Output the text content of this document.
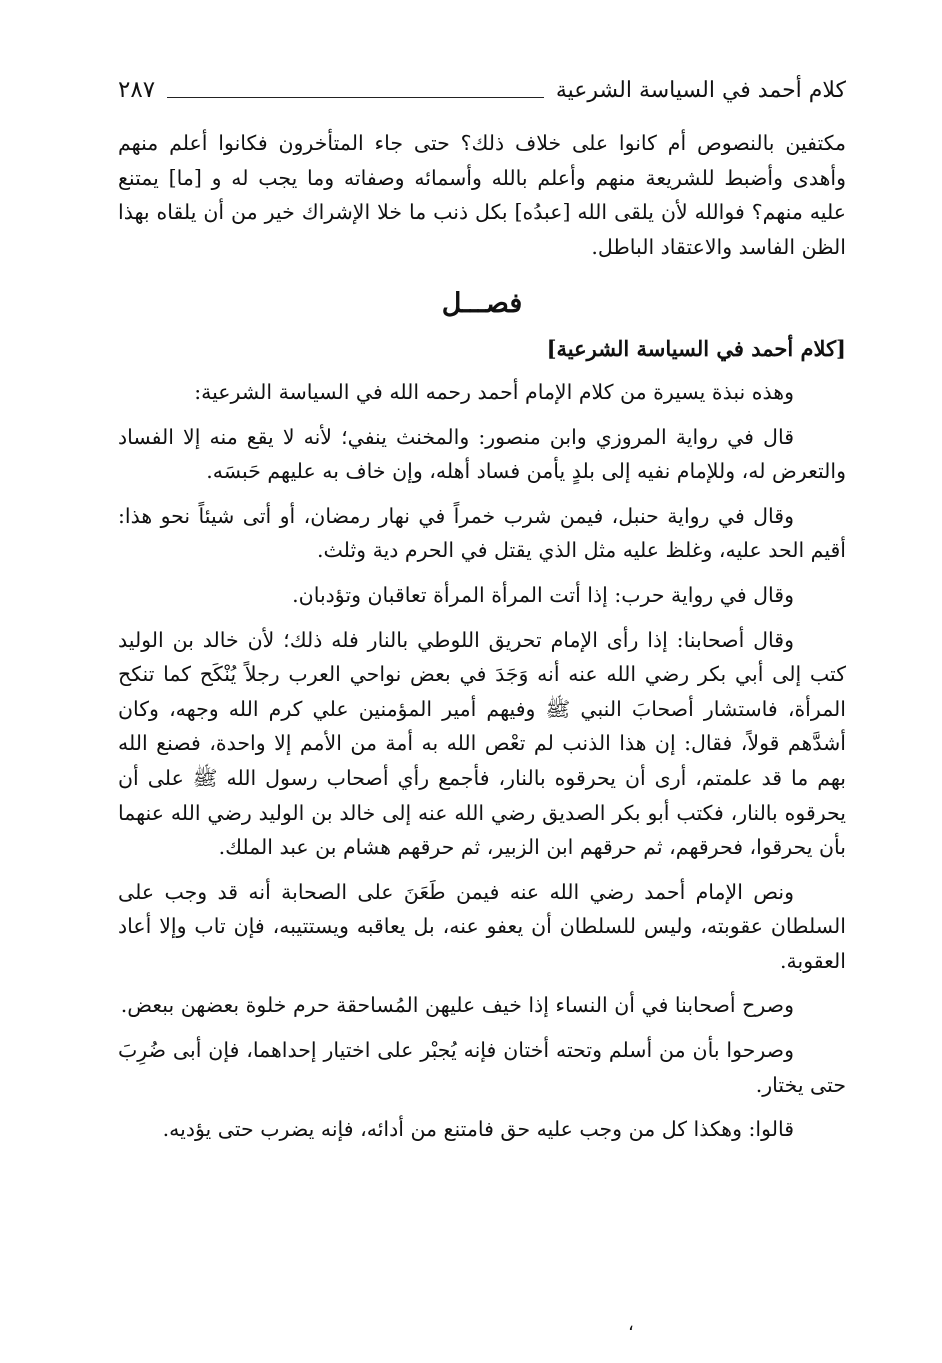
كلام أحمد في السياسة الشرعية
٢٨٧

مكتفين بالنصوص أم كانوا على خلاف ذلك؟ حتى جاء المتأخرون فكانوا أعلم منهم وأهدى وأضبط للشريعة منهم وأعلم بالله وأسمائه وصفاته وما يجب له و [ما] يمتنع عليه منهم؟ فوالله لأن يلقى الله [عبدُه] بكل ذنب ما خلا الإشراك خير من أن يلقاه بهذا الظن الفاسد والاعتقاد الباطل.

فصـــل

[كلام أحمد في السياسة الشرعية]

وهذه نبذة يسيرة من كلام الإمام أحمد رحمه الله في السياسة الشرعية:

قال في رواية المروزي وابن منصور: والمخنث ينفي؛ لأنه لا يقع منه إلا الفساد والتعرض له، وللإمام نفيه إلى بلدٍ يأمن فساد أهله، وإن خاف به عليهم حَبسَه.

وقال في رواية حنبل، فيمن شرب خمراً في نهار رمضان، أو أتى شيئاً نحو هذا: أقيم الحد عليه، وغلظ عليه مثل الذي يقتل في الحرم دية وثلث.

وقال في رواية حرب: إذا أتت المرأة المرأة تعاقبان وتؤدبان.

وقال أصحابنا: إذا رأى الإمام تحريق اللوطي بالنار فله ذلك؛ لأن خالد بن الوليد كتب إلى أبي بكر رضي الله عنه أنه وَجَدَ في بعض نواحي العرب رجلاً يُنْكَح كما تنكح المرأة، فاستشار أصحابَ النبي ﷺ وفيهم أمير المؤمنين علي كرم الله وجهه، وكان أشدَّهم قولاً، فقال: إن هذا الذنب لم تعْص الله به أمة من الأمم إلا واحدة، فصنع الله بهم ما قد علمتم، أرى أن يحرقوه بالنار، فأجمع رأي أصحاب رسول الله ﷺ على أن يحرقوه بالنار، فكتب أبو بكر الصديق رضي الله عنه إلى خالد بن الوليد رضي الله عنهما بأن يحرقوا، فحرقهم، ثم حرقهم ابن الزبير، ثم حرقهم هشام بن عبد الملك.

ونص الإمام أحمد رضي الله عنه فيمن طَعَنَ على الصحابة أنه قد وجب على السلطان عقوبته، وليس للسلطان أن يعفو عنه، بل يعاقبه ويستتيبه، فإن تاب وإلا أعاد العقوبة.

وصرح أصحابنا في أن النساء إذا خيف عليهن المُساحقة حرم خلوة بعضهن ببعض.

وصرحوا بأن من أسلم وتحته أختان فإنه يُجبْر على اختيار إحداهما، فإن أبى ضُرِبَ حتى يختار.

قالوا: وهكذا كل من وجب عليه حق فامتنع من أدائه، فإنه يضرب حتى يؤديه.

،
